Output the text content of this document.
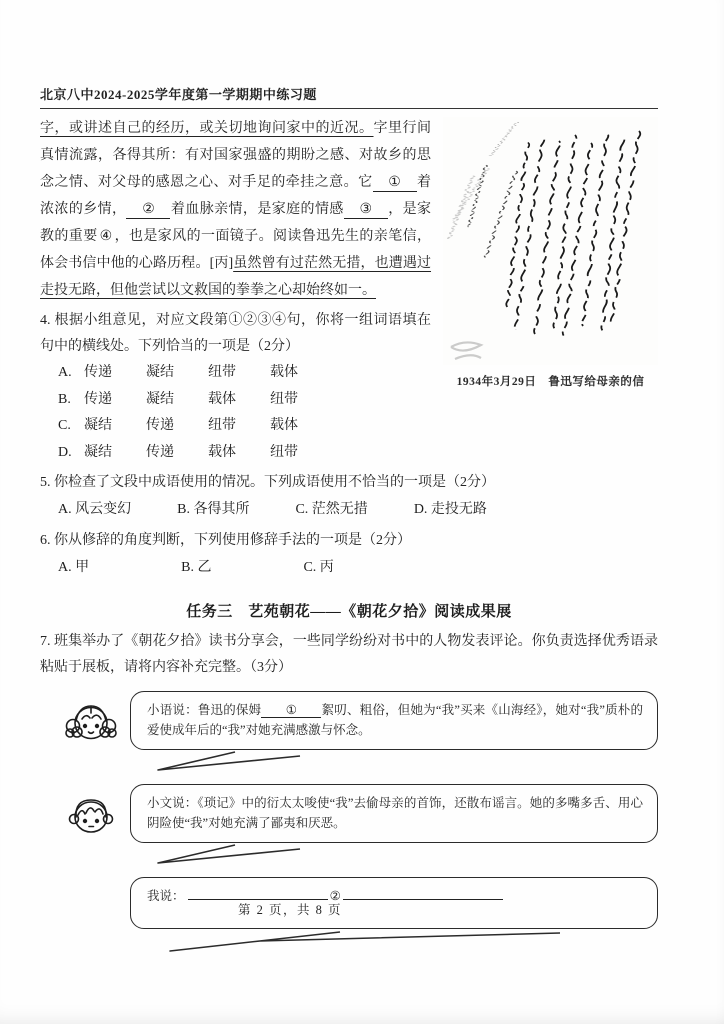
北京八中2024-2025学年度第一学期期中练习题
1934年3月29日　鲁迅写给母亲的信
字，或讲述自己的经历，或关切地询问家中的近况。字里行间真情流露，各得其所：有对国家强盛的期盼之感、对故乡的思念之情、对父母的感恩之心、对手足的牵挂之意。它 ① 着浓浓的乡情， ② 着血脉亲情，是家庭的情感 ③ ，是家教的重要 ④ ，也是家风的一面镜子。阅读鲁迅先生的亲笔信，体会书信中他的心路历程。[丙]虽然曾有过茫然无措，也遭遇过走投无路，但他尝试以文救国的拳拳之心却始终如一。
4. 根据小组意见，对应文段第①②③④句，你将一组词语填在句中的横线处。下列恰当的一项是（2分）
A. 传递 凝结 纽带 载体
B. 传递 凝结 载体 纽带
C. 凝结 传递 纽带 载体
D. 凝结 传递 载体 纽带
5. 你检查了文段中成语使用的情况。下列成语使用不恰当的一项是（2分）
A. 风云变幻	B. 各得其所	C. 茫然无措	D. 走投无路
6. 你从修辞的角度判断，下列使用修辞手法的一项是（2分）
A. 甲	B. 乙	C. 丙
任务三　艺苑朝花——《朝花夕拾》阅读成果展
7. 班集举办了《朝花夕拾》读书分享会，一些同学纷纷对书中的人物发表评论。你负责选择优秀语录粘贴于展板，请将内容补充完整。（3分）
小语说：鲁迅的保姆 ① 絮叨、粗俗，但她为“我”买来《山海经》，她对“我”质朴的爱使成年后的“我”对她充满感激与怀念。
小文说：《琐记》中的衍太太唆使“我”去偷母亲的首饰，还散布谣言。她的多嘴多舌、用心阴险使“我”对她充满了鄙夷和厌恶。
我说：	②
第 2 页，共 8 页
